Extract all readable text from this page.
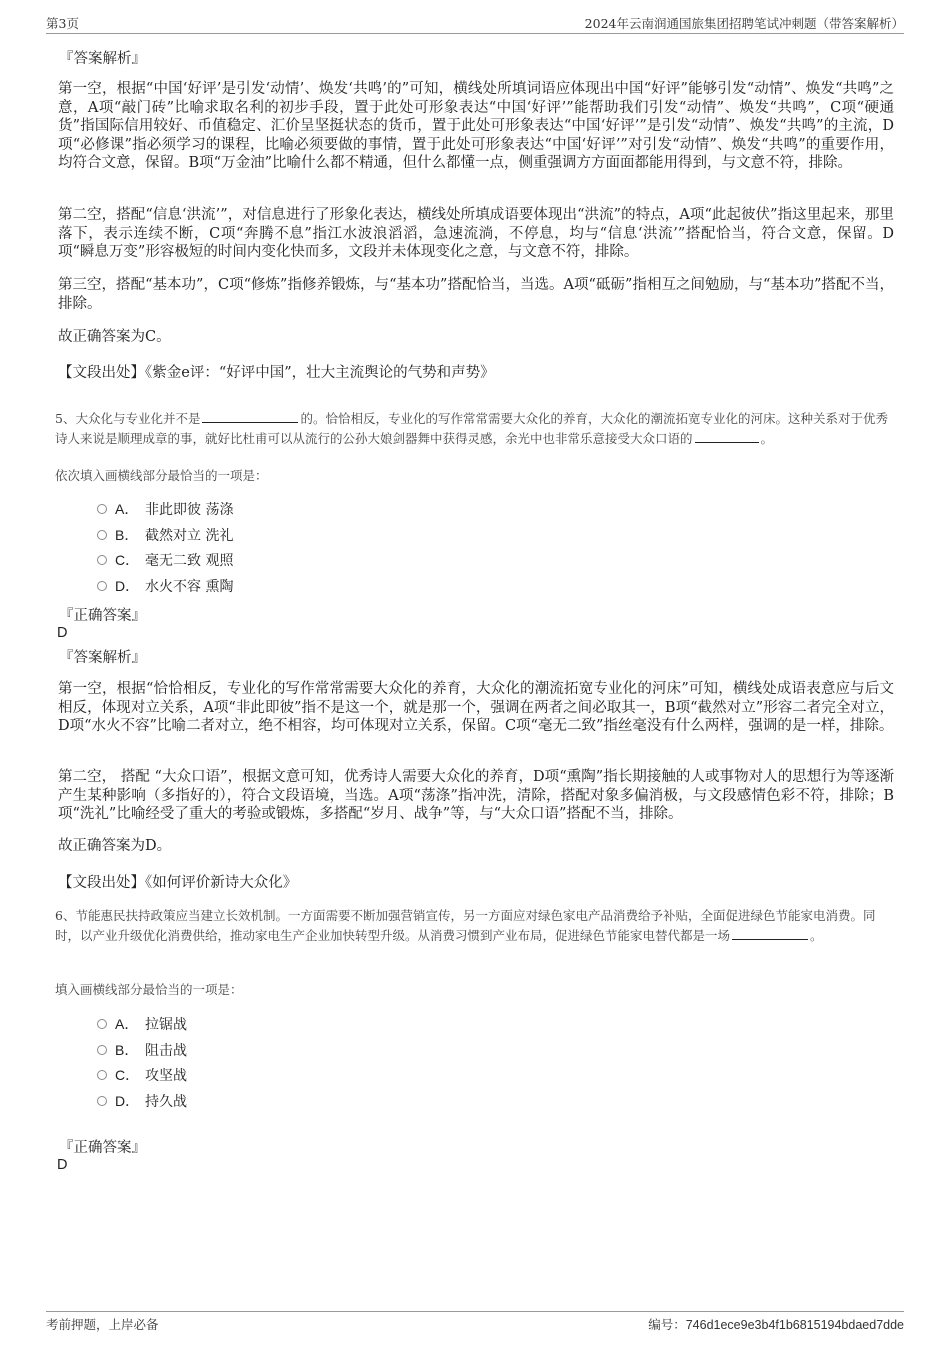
第3页	2024年云南润通国旅集团招聘笔试冲刺题（带答案解析）
『答案解析』
第一空，根据“中国‘好评’是引发‘动情’、焕发‘共鸣’的”可知，横线处所填词语应体现出中国“好评”能够引发“动情”、焕发“共鸣”之意，A项“敲门砖”比喻求取名利的初步手段，置于此处可形象表达“中国‘好评’”能帮助我们引发“动情”、焕发“共鸣”，C项“硬通货”指国际信用较好、币值稳定、汇价呈坚挺状态的货币，置于此处可形象表达“中国‘好评’”是引发“动情”、焕发“共鸣”的主流，D项“必修课”指必须学习的课程，比喻必须要做的事情，置于此处可形象表达“中国‘好评’”对引发“动情”、焕发“共鸣”的重要作用，均符合文意，保留。B项“万金油”比喻什么都不精通，但什么都懂一点，侧重强调方方面面都能用得到，与文意不符，排除。
第二空，搭配“信息‘洪流’”，对信息进行了形象化表达，横线处所填成语要体现出“洪流”的特点，A项“此起彼伏”指这里起来，那里落下，表示连续不断，C项“奔腾不息”指江水波浪滔滔，急速流淌，不停息，均与“信息‘洪流’”搭配恰当，符合文意，保留。D项“瞬息万变”形容极短的时间内变化快而多，文段并未体现变化之意，与文意不符，排除。
第三空，搭配“基本功”，C项“修炼”指修养锻炼，与“基本功”搭配恰当，当选。A项“砥砺”指相互之间勉励，与“基本功”搭配不当，排除。
故正确答案为C。
【文段出处】《紫金e评：“好评中国”，壮大主流舆论的气势和声势》
5、大众化与专业化并不是	的。恰恰相反，专业化的写作常常需要大众化的养育，大众化的潮流拓宽专业化的河床。这种关系对于优秀诗人来说是顺理成章的事，就好比杜甫可以从流行的公孙大娘剑器舞中获得灵感，余光中也非常乐意接受大众口语的	。
依次填入画横线部分最恰当的一项是：
A． 非此即彼 荡涤
B． 截然对立 洗礼
C． 毫无二致 观照
D． 水火不容 熏陶
『正确答案』
D
『答案解析』
第一空，根据“恰恰相反，专业化的写作常常需要大众化的养育，大众化的潮流拓宽专业化的河床”可知，横线处成语表意应与后文相反，体现对立关系，A项“非此即彼”指不是这一个，就是那一个，强调在两者之间必取其一，B项“截然对立”形容二者完全对立，D项“水火不容”比喻二者对立，绝不相容，均可体现对立关系，保留。C项“毫无二致”指丝毫没有什么两样，强调的是一样，排除。
第二空， 搭配 “大众口语”，根据文意可知，优秀诗人需要大众化的养育，D项“熏陶”指长期接触的人或事物对人的思想行为等逐渐产生某种影响（多指好的），符合文段语境，当选。A项“荡涤”指冲洗，清除，搭配对象多偏消极，与文段感情色彩不符，排除；B项“洗礼”比喻经受了重大的考验或锻炼，多搭配“岁月、战争”等，与“大众口语”搭配不当，排除。
故正确答案为D。
【文段出处】《如何评价新诗大众化》
6、节能惠民扶持政策应当建立长效机制。一方面需要不断加强营销宣传，另一方面应对绿色家电产品消费给予补贴，全面促进绿色节能家电消费。同时，以产业升级优化消费供给，推动家电生产企业加快转型升级。从消费习惯到产业布局，促进绿色节能家电替代都是一场	。
填入画横线部分最恰当的一项是：
A． 拉锯战
B． 阻击战
C． 攻坚战
D． 持久战
『正确答案』
D
考前押题，上岸必备	编号：746d1ece9e3b4f1b6815194bdaed7dde
